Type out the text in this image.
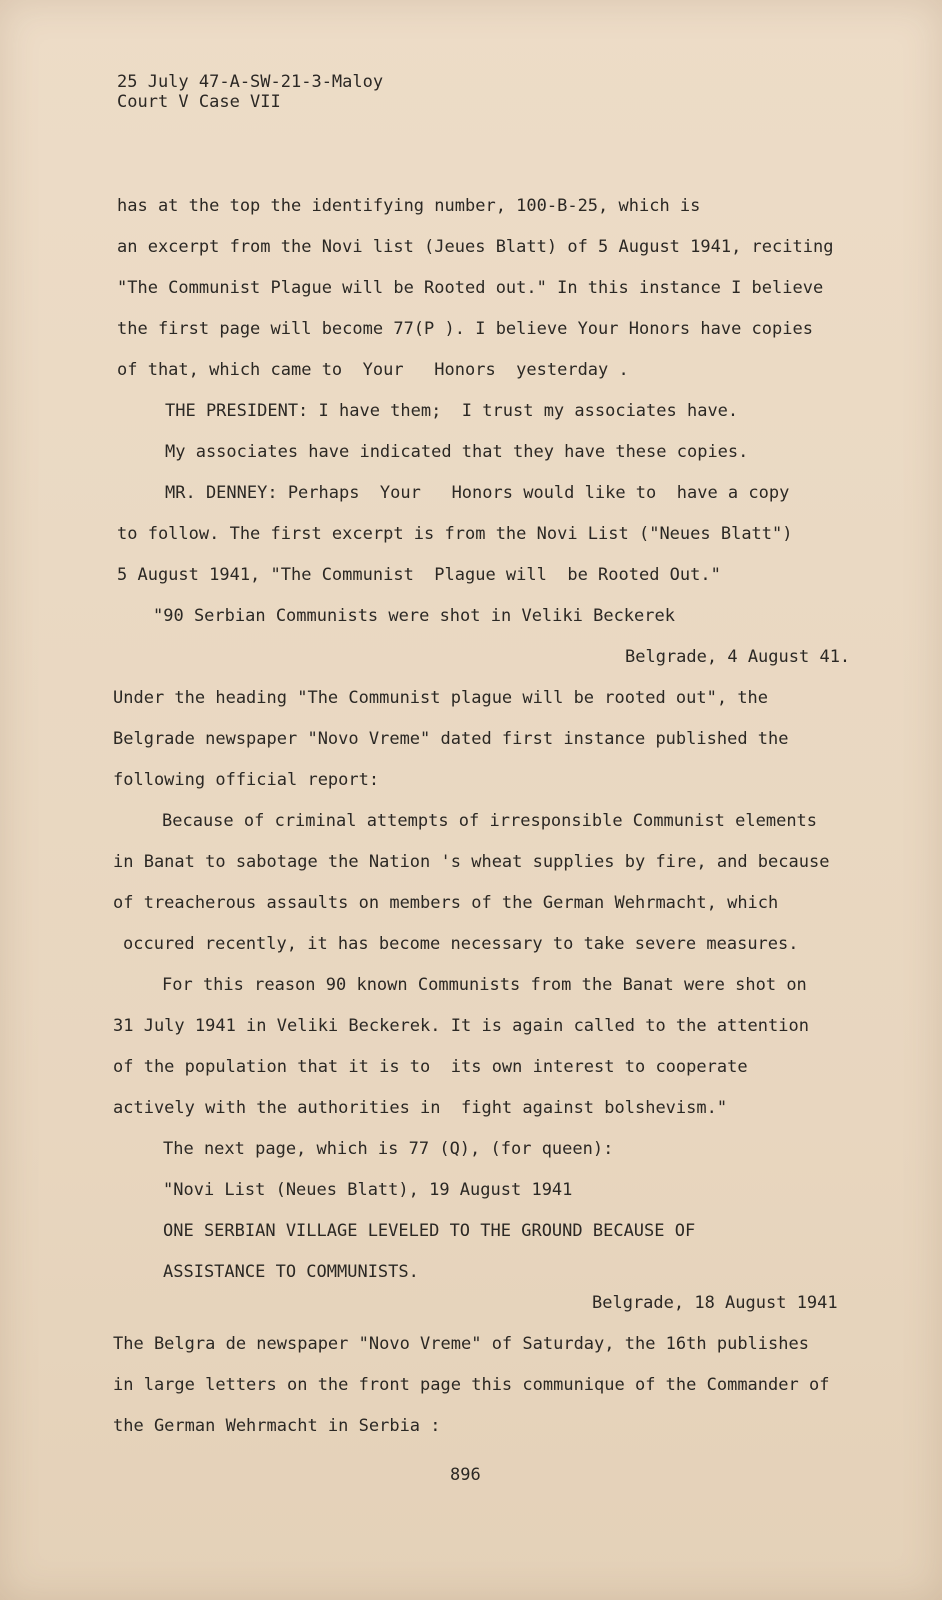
25 July 47-A-SW-21-3-Maloy
Court V Case VII
has at the top the identifying number, 100-B-25, which is
an excerpt from the Novi list (Jeues Blatt) of 5 August 1941, reciting
"The Communist Plague will be Rooted out." In this instance I believe
the first page will become 77(P ). I believe Your Honors have copies
of that, which came to  Your   Honors  yesterday .
THE PRESIDENT: I have them;  I trust my associates have.
My associates have indicated that they have these copies.
MR. DENNEY: Perhaps  Your   Honors would like to  have a copy
to follow. The first excerpt is from the Novi List ("Neues Blatt")
5 August 1941, "The Communist  Plague will  be Rooted Out."
"90 Serbian Communists were shot in Veliki Beckerek
Belgrade, 4 August 41.
Under the heading "The Communist plague will be rooted out", the
Belgrade newspaper "Novo Vreme" dated first instance published the
following official report:
Because of criminal attempts of irresponsible Communist elements
in Banat to sabotage the Nation 's wheat supplies by fire, and because
of treacherous assaults on members of the German Wehrmacht, which
occured recently, it has become necessary to take severe measures.
For this reason 90 known Communists from the Banat were shot on
31 July 1941 in Veliki Beckerek. It is again called to the attention
of the population that it is to  its own interest to cooperate
actively with the authorities in  fight against bolshevism."
The next page, which is 77 (Q), (for queen):
"Novi List (Neues Blatt), 19 August 1941
ONE SERBIAN VILLAGE LEVELED TO THE GROUND BECAUSE OF
ASSISTANCE TO COMMUNISTS.
Belgrade, 18 August 1941
The Belgra de newspaper "Novo Vreme" of Saturday, the 16th publishes
in large letters on the front page this communique of the Commander of
the German Wehrmacht in Serbia :
896
